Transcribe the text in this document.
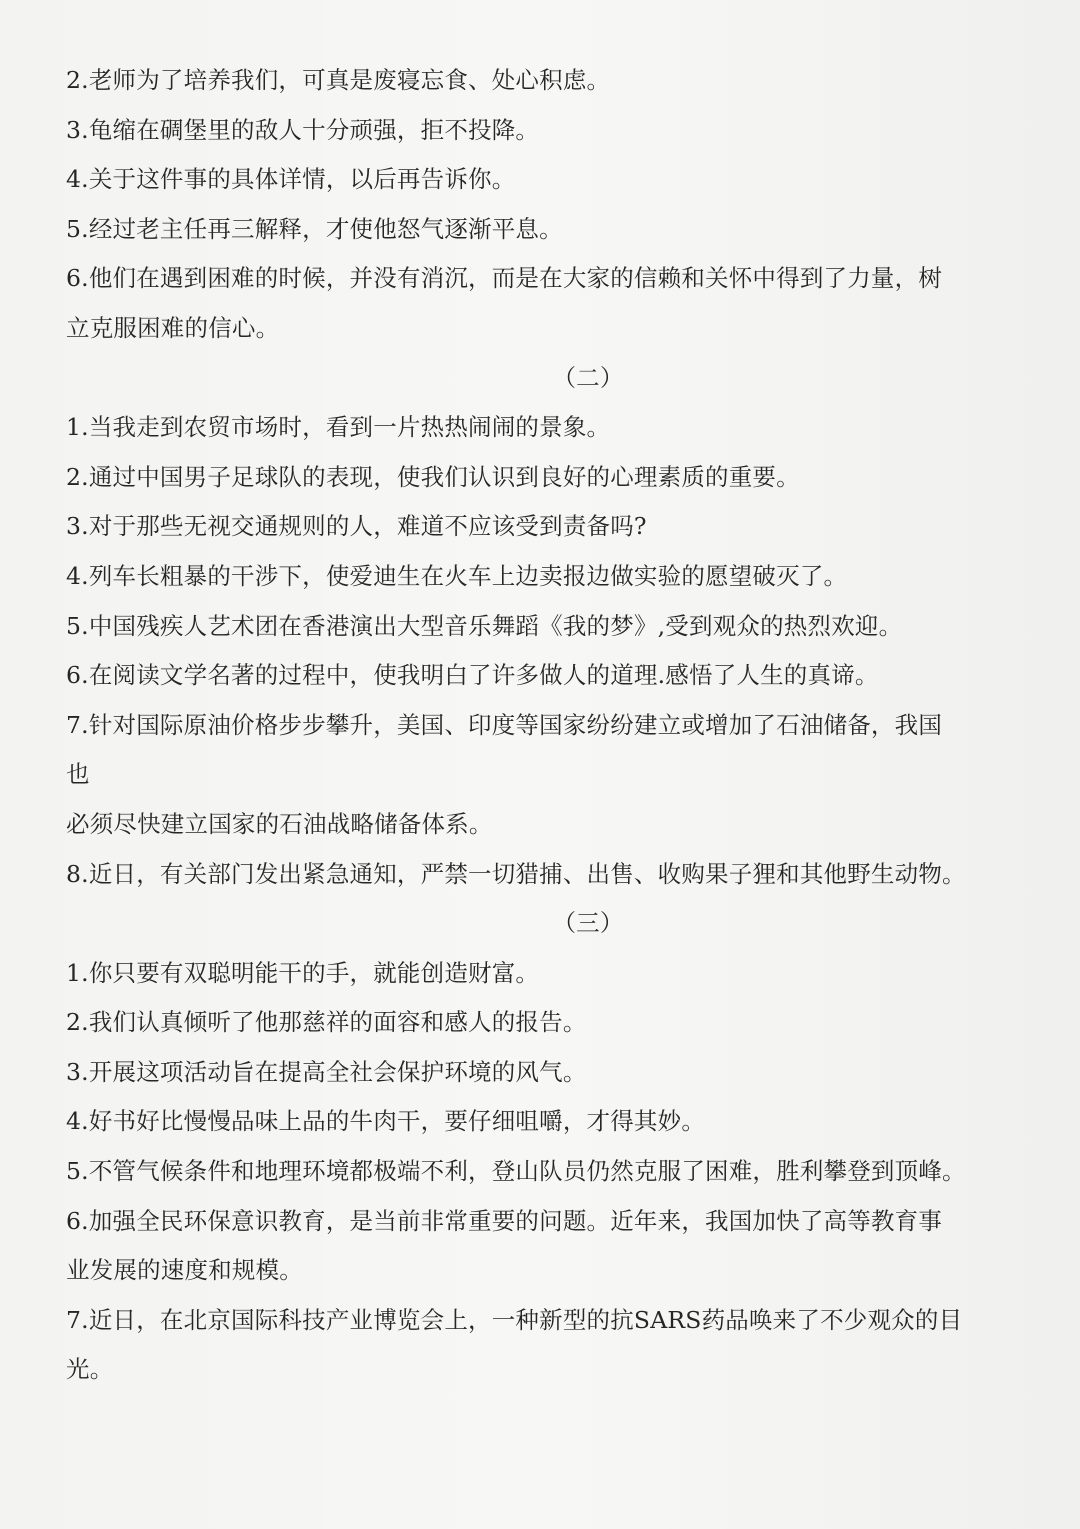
2.老师为了培养我们，可真是废寝忘食、处心积虑。
3.龟缩在碉堡里的敌人十分顽强，拒不投降。
4.关于这件事的具体详情，以后再告诉你。
5.经过老主任再三解释，才使他怒气逐渐平息。
6.他们在遇到困难的时候，并没有消沉，而是在大家的信赖和关怀中得到了力量，树
立克服困难的信心。
（二）
1.当我走到农贸市场时，看到一片热热闹闹的景象。
2.通过中国男子足球队的表现，使我们认识到良好的心理素质的重要。
3.对于那些无视交通规则的人，难道不应该受到责备吗?
4.列车长粗暴的干涉下，使爱迪生在火车上边卖报边做实验的愿望破灭了。
5.中国残疾人艺术团在香港演出大型音乐舞蹈《我的梦》,受到观众的热烈欢迎。
6.在阅读文学名著的过程中，使我明白了许多做人的道理.感悟了人生的真谛。
7.针对国际原油价格步步攀升，美国、印度等国家纷纷建立或增加了石油储备，我国
也
必须尽快建立国家的石油战略储备体系。
8.近日，有关部门发出紧急通知，严禁一切猎捕、出售、收购果子狸和其他野生动物。
（三）
1.你只要有双聪明能干的手，就能创造财富。
2.我们认真倾听了他那慈祥的面容和感人的报告。
3.开展这项活动旨在提高全社会保护环境的风气。
4.好书好比慢慢品味上品的牛肉干，要仔细咀嚼，才得其妙。
5.不管气候条件和地理环境都极端不利，登山队员仍然克服了困难，胜利攀登到顶峰。
6.加强全民环保意识教育，是当前非常重要的问题。近年来，我国加快了高等教育事
业发展的速度和规模。
7.近日，在北京国际科技产业博览会上，一种新型的抗SARS药品唤来了不少观众的目
光。
